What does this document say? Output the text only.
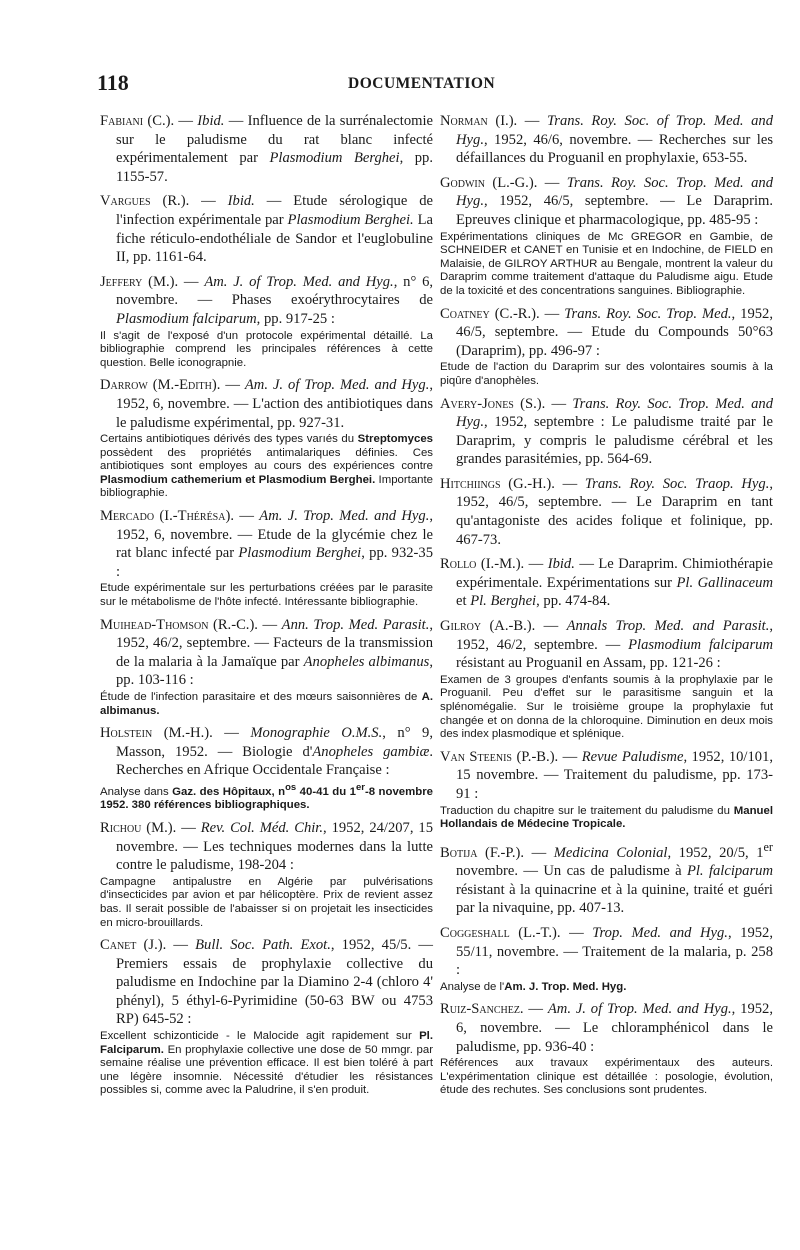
118	DOCUMENTATION
Fabiani (C.). — Ibid. — Influence de la surrénalectomie sur le paludisme du rat blanc infecté expérimentalement par Plasmodium Berghei, pp. 1155-57.
Vargues (R.). — Ibid. — Etude sérologique de l'infection expérimentale par Plasmodium Berghei. La fiche réticulo-endothéliale de Sandor et l'euglobuline II, pp. 1161-64.
Jeffery (M.). — Am. J. of Trop. Med. and Hyg., n° 6, novembre. — Phases exoérythrocytaires de Plasmodium falciparum, pp. 917-25 :
Il s'agit de l'exposé d'un protocole expérimental détaillé. La bibliographie comprend les principales références à cette question. Belle iconograpnie.
Darrow (M.-Edith). — Am. J. of Trop. Med. and Hyg., 1952, 6, novembre. — L'action des antibiotiques dans le paludisme expérimental, pp. 927-31.
Certains antibiotiques dérivés des types varıés du Streptomyces possèdent des propriétés antimalariques définies. Ces antibiotiques sont employes au cours des expériences contre Plasmodium cathemerium et Plasmodium Berghei. Importante bibliographie.
Mercado (I.-Thérésa). — Am. J. Trop. Med. and Hyg., 1952, 6, novembre. — Etude de la glycémie chez le rat blanc infecté par Plasmodium Berghei, pp. 932-35 :
Etude expérimentale sur les perturbations créées par le parasite sur le métabolisme de l'hôte infecté. Intéressante bibliographie.
Muihead-Thomson (R.-C.). — Ann. Trop. Med. Parasit., 1952, 46/2, septembre. — Facteurs de la transmission de la malaria à la Jamaïque par Anopheles albimanus, pp. 103-116 :
Étude de l'infection parasitaire et des mœurs saisonnières de A. albimanus.
Holstein (M.-H.). — Monographie O.M.S., n° 9, Masson, 1952. — Biologie d'Anopheles gambiæ. Recherches en Afrique Occidentale Française :
Analyse dans Gaz. des Hôpitaux, $n^{os}$ 40-41 du 1er-8 novembre 1952. 380 références bibliographiques.
Richou (M.). — Rev. Col. Méd. Chir., 1952, 24/207, 15 novembre. — Les techniques modernes dans la lutte contre le paludisme, 198-204 :
Campagne antipalustre en Algérie par pulvérisations d'insecticides par avion et par hélicoptère. Prix de revient assez bas. Il serait possible de l'abaisser si on projetait les insecticides en micro-brouillards.
Canet (J.). — Bull. Soc. Path. Exot., 1952, 45/5. — Premiers essais de prophylaxie collective du paludisme en Indochine par la Diamino 2-4 (chloro 4' phényl), 5 éthyl-6-Pyrimidine (50-63 BW ou 4753 RP) 645-52 :
Excellent schizonticide - le Malocide agit rapidement sur Pl. Falciparum. En prophylaxie collective une dose de 50 mmgr. par semaine réalise une prévention efficace. Il est bien toléré à part une légère insomnie. Nécessité d'étudier les résistances possibles si, comme avec la Paludrine, il s'en produit.
Norman (I.). — Trans. Roy. Soc. of Trop. Med. and Hyg., 1952, 46/6, novembre. — Recherches sur les défaillances du Proguanil en prophylaxie, 653-55.
Godwin (L.-G.). — Trans. Roy. Soc. Trop. Med. and Hyg., 1952, 46/5, septembre. — Le Daraprim. Epreuves clinique et pharmacologique, pp. 485-95 :
Expérimentations cliniques de Mc GREGOR en Gambie, de SCHNEIDER et CANET en Tunisie et en Indochine, de FIELD en Malaisie, de GILROY ARTHUR au Bengale, montrent la valeur du Daraprim comme traitement d'attaque du Paludisme aigu. Etude de la toxicité et des concentrations sanguines. Bibliographie.
Coatney (C.-R.). — Trans. Roy. Soc. Trop. Med., 1952, 46/5, septembre. — Etude du Compounds 50°63 (Daraprim), pp. 496-97 :
Etude de l'action du Daraprim sur des volontaires soumis à la piqûre d'anophèles.
Avery-Jones (S.). — Trans. Roy. Soc. Trop. Med. and Hyg., 1952, septembre : Le paludisme traité par le Daraprim, y compris le paludisme cérébral et les grandes parasitémies, pp. 564-69.
Hitchiings (G.-H.). — Trans. Roy. Soc. Traop. Hyg., 1952, 46/5, septembre. — Le Daraprim en tant qu'antagoniste des acides folique et folinique, pp. 467-73.
Rollo (I.-M.). — Ibid. — Le Daraprim. Chimiothérapie expérimentale. Expérimentations sur Pl. Gallinaceum et Pl. Berghei, pp. 474-84.
Gilroy (A.-B.). — Annals Trop. Med. and Parasit., 1952, 46/2, septembre. — Plasmodium falciparum résistant au Proguanil en Assam, pp. 121-26 :
Examen de 3 groupes d'enfants soumis à la prophylaxie par le Proguanil. Peu d'effet sur le parasitisme sanguin et la splénomégalie. Sur le troisième groupe la prophylaxie fut changée et on donna de la chloroquine. Diminution en deux mois des index plasmodique et splénique.
Van Steenis (P.-B.). — Revue Paludisme, 1952, 10/101, 15 novembre. — Traitement du paludisme, pp. 173-91 :
Traduction du chapitre sur le traitement du paludisme du Manuel Hollandais de Médecine Tropicale.
Botija (F.-P.). — Medicina Colonial, 1952, 20/5, 1er novembre. — Un cas de paludisme à Pl. falciparum résistant à la quinacrine et à la quinine, traité et guéri par la nivaquine, pp. 407-13.
Coggeshall (L.-T.). — Trop. Med. and Hyg., 1952, 55/11, novembre. — Traitement de la malaria, p. 258 :
Analyse de l'Am. J. Trop. Med. Hyg.
Ruiz-Sanchez. — Am. J. of Trop. Med. and Hyg., 1952, 6, novembre. — Le chloramphénicol dans le paludisme, pp. 936-40 :
Références aux travaux expérimentaux des auteurs. L'expérimentation clinique est détaillée : posologie, évolution, étude des rechutes. Ses conclusions sont prudentes.
